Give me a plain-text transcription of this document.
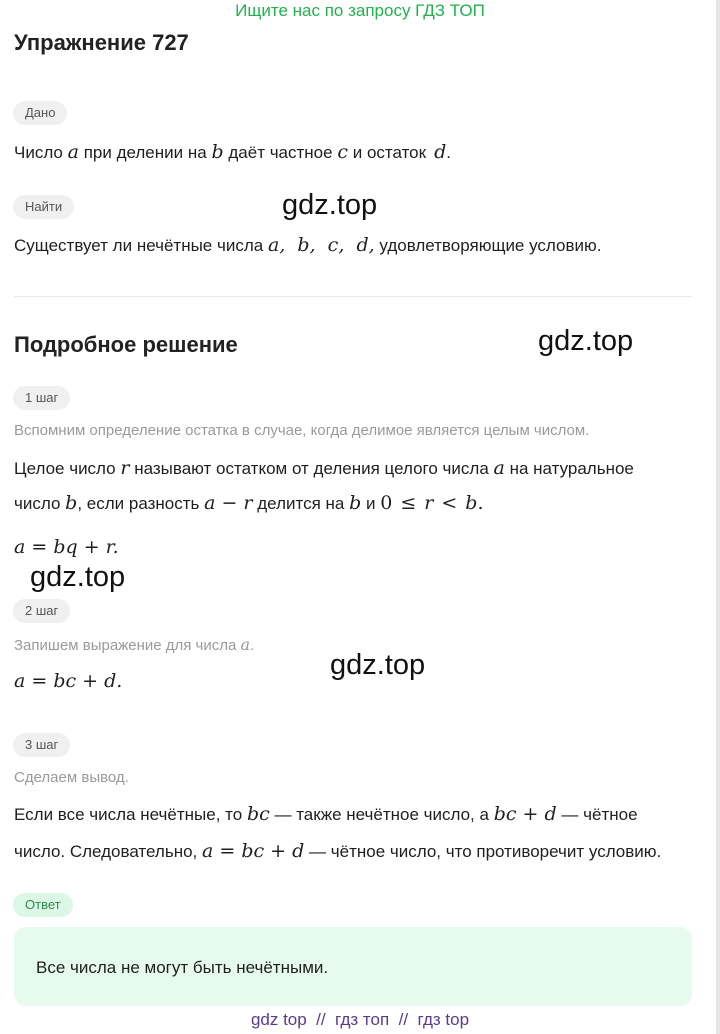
Ищите нас по запросу ГДЗ ТОП
Упражнение 727
Дано
Число a при делении на b даёт частное c и остаток d.
Найти
Существует ли нечётные числа a,  b,  c,  d, удовлетворяющие условию.
Подробное решение
1 шаг
Вспомним определение остатка в случае, когда делимое является целым числом.
Целое число r называют остатком от деления целого числа a на натуральное
число b, если разность a − r делится на b и 0 ≤ r < b.
a = bq + r.
2 шаг
Запишем выражение для числа a.
a = bc + d.
3 шаг
Сделаем вывод.
Если все числа нечётные, то bc — также нечётное число, а bc + d — чётное
число. Следовательно, a = bc + d — чётное число, что противоречит условию.
Ответ
Все числа не могут быть нечётными.
gdz.top
gdz.top
gdz.top
gdz.top
gdz top  //  гдз топ  //  гдз top
